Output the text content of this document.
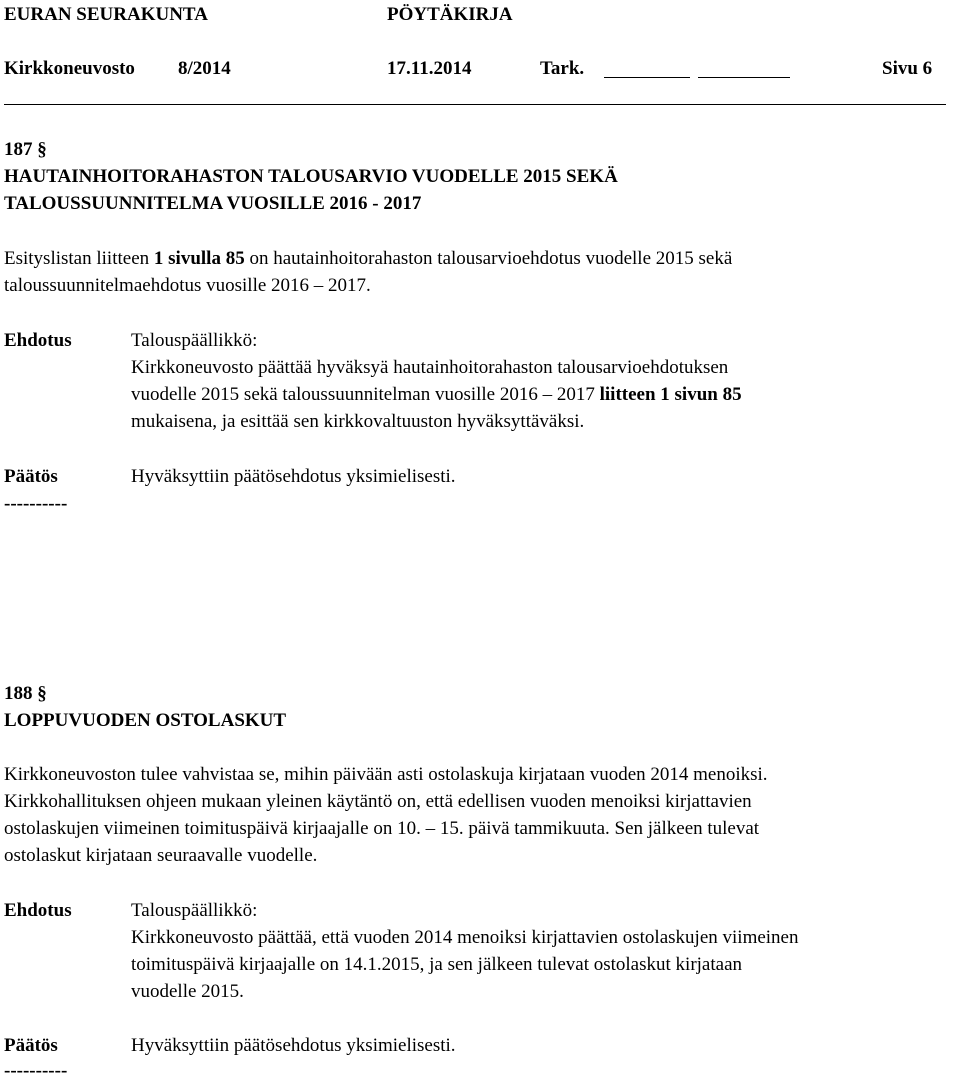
EURAN SEURAKUNTA	PÖYTÄKIRJA
Kirkkoneuvosto 8/2014	17.11.2014	Tark.	Sivu 6
187 §
HAUTAINHOITORAHASTON TALOUSARVIO VUODELLE 2015 SEKÄ
TALOUSSUUNNITELMA VUOSILLE 2016 - 2017
Esityslistan liitteen 1 sivulla 85 on hautainhoitorahaston talousarvioehdotus vuodelle 2015 sekä
taloussuunnitelmaehdotus vuosille 2016 – 2017.
Ehdotus	Talouspäällikkö:
Kirkkoneuvosto päättää hyväksyä hautainhoitorahaston talousarvioehdotuksen
vuodelle 2015 sekä taloussuunnitelman vuosille 2016 – 2017 liitteen 1 sivun 85
mukaisena, ja esittää sen kirkkovaltuuston hyväksyttäväksi.
Päätös	Hyväksyttiin päätösehdotus yksimielisesti.
----------
188 §
LOPPUVUODEN OSTOLASKUT
Kirkkoneuvoston tulee vahvistaa se, mihin päivään asti ostolaskuja kirjataan vuoden 2014 menoiksi.
Kirkkohallituksen ohjeen mukaan yleinen käytäntö on, että edellisen vuoden menoiksi kirjattavien
ostolaskujen viimeinen toimituspäivä kirjaajalle on 10. – 15. päivä tammikuuta. Sen jälkeen tulevat
ostolaskut kirjataan seuraavalle vuodelle.
Ehdotus	Talouspäällikkö:
Kirkkoneuvosto päättää, että vuoden 2014 menoiksi kirjattavien ostolaskujen viimeinen
toimituspäivä kirjaajalle on 14.1.2015, ja sen jälkeen tulevat ostolaskut kirjataan
vuodelle 2015.
Päätös	Hyväksyttiin päätösehdotus yksimielisesti.
----------
